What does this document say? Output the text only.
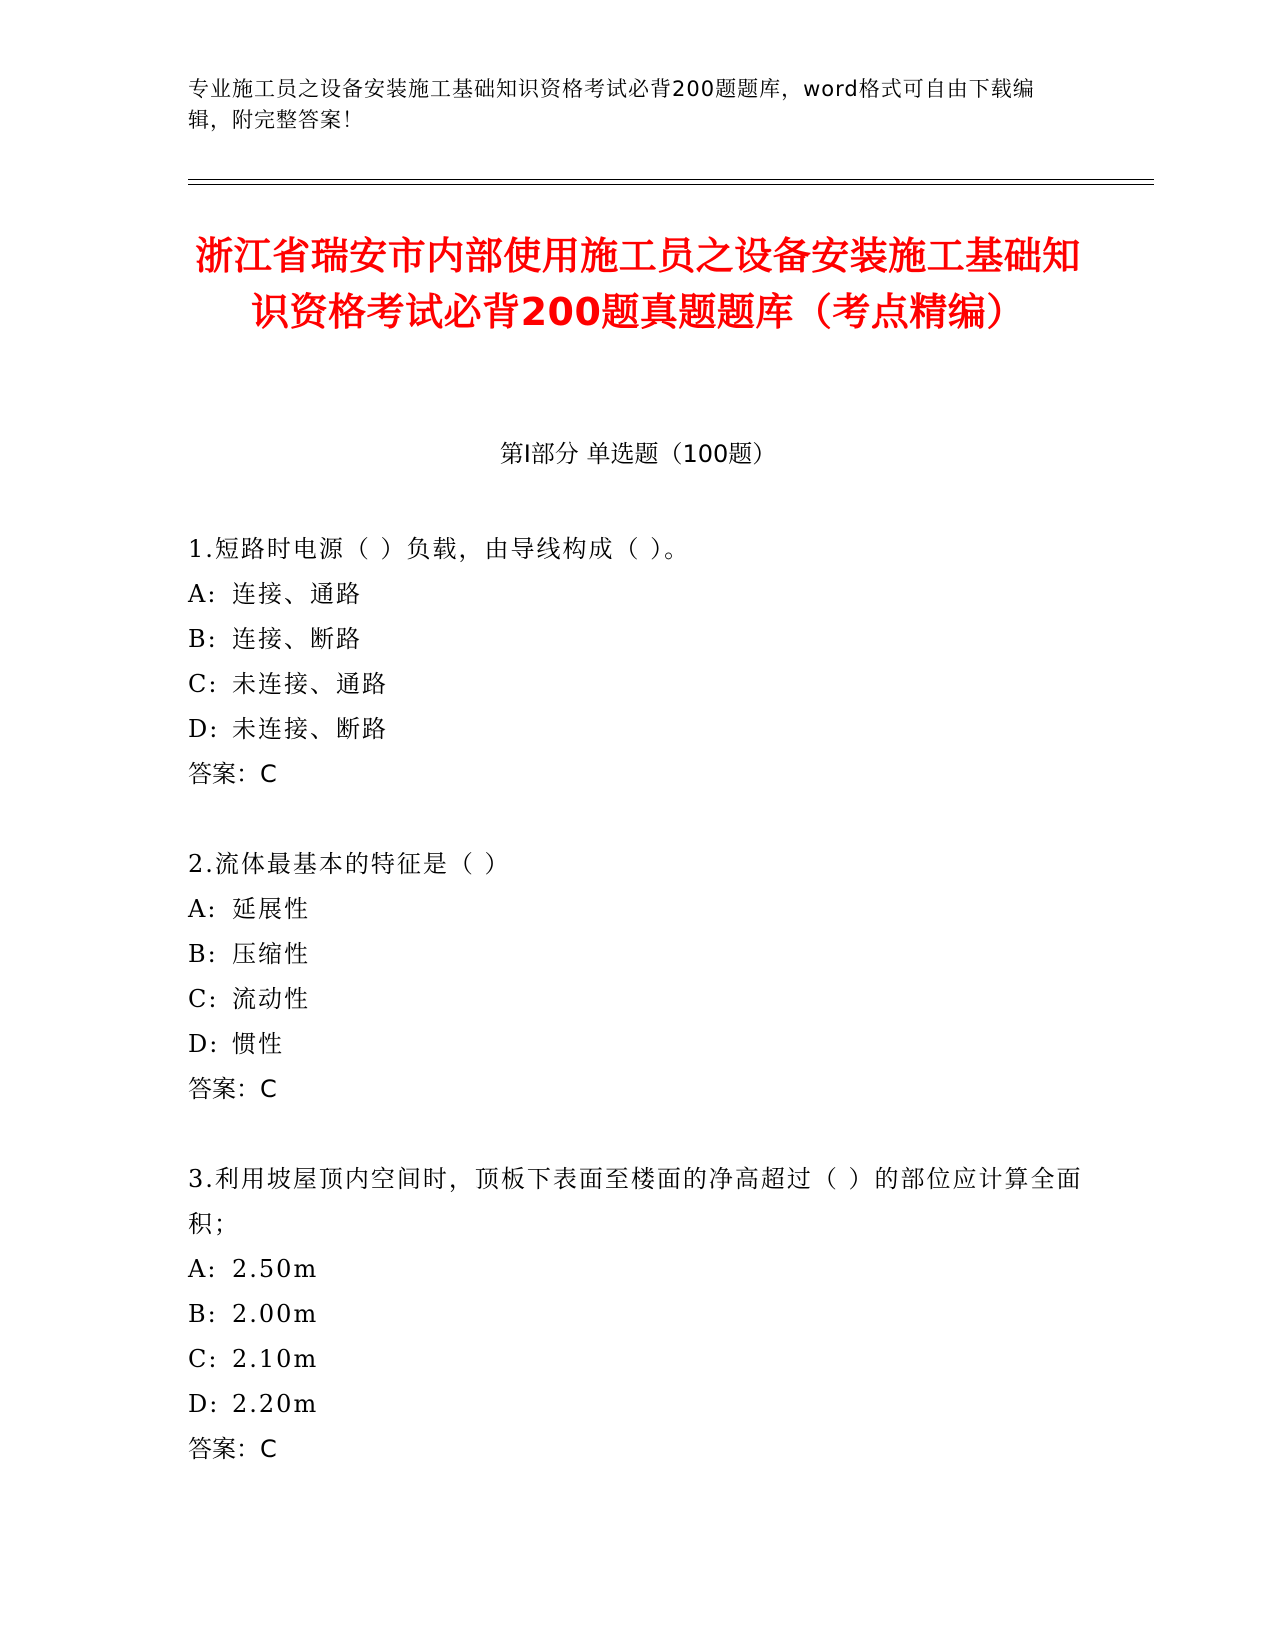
专业施工员之设备安装施工基础知识资格考试必背200题题库，word格式可自由下载编辑，附完整答案！
浙江省瑞安市内部使用施工员之设备安装施工基础知识资格考试必背200题真题题库（考点精编）
第Ⅰ部分 单选题（100题）

1.短路时电源（ ）负载，由导线构成（ ）。

A: 连接、通路

B: 连接、断路

C: 未连接、通路

D: 未连接、断路

答案：C

2.流体最基本的特征是（ ）

A: 延展性

B: 压缩性

C: 流动性

D: 惯性

答案：C

3.利用坡屋顶内空间时，顶板下表面至楼面的净高超过（ ）的部位应计算全面积；

A: 2.50m

B: 2.00m

C: 2.10m

D: 2.20m

答案：C
